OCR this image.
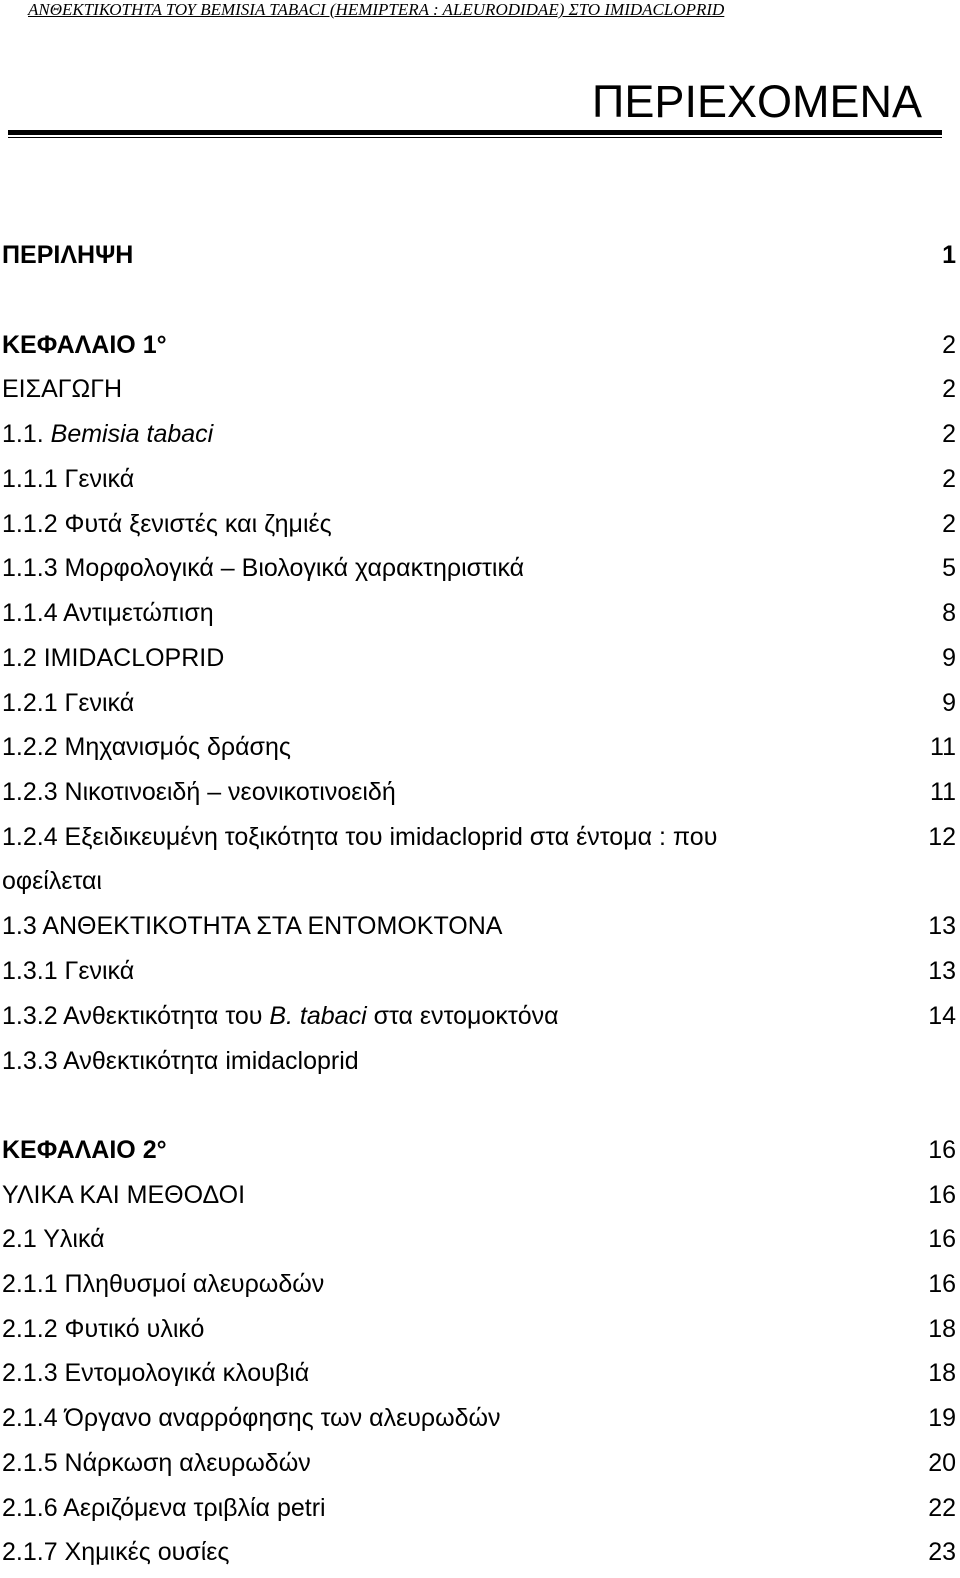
ΑΝΘΕΚΤΙΚΟΤΗΤΑ ΤΟΥ BEMISIA TABACI (HEMIPTERA : ALEURODIDAE) ΣΤΟ IMIDACLOPRID
ΠΕΡΙΕΧΟΜΕΝΑ
ΠΕΡΙΛΗΨΗ	1
ΚΕΦΑΛΑΙΟ 1°	2
ΕΙΣΑΓΩΓΗ	2
1.1. Bemisia tabaci	2
1.1.1 Γενικά	2
1.1.2 Φυτά ξενιστές και ζημιές	2
1.1.3 Μορφολογικά – Βιολογικά χαρακτηριστικά	5
1.1.4 Αντιμετώπιση	8
1.2 IMIDACLOPRID	9
1.2.1 Γενικά	9
1.2.2 Μηχανισμός δράσης	11
1.2.3 Νικοτινοειδή – νεονικοτινοειδή	11
1.2.4 Εξειδικευμένη τοξικότητα του imidacloprid στα έντομα : που	12
οφείλεται
1.3 ΑΝΘΕΚΤΙΚΟΤΗΤΑ ΣΤΑ ΕΝΤΟΜΟΚΤΟΝΑ	13
1.3.1 Γενικά	13
1.3.2 Ανθεκτικότητα του B. tabaci στα εντομοκτόνα	14
1.3.3 Ανθεκτικότητα imidacloprid
ΚΕΦΑΛΑΙΟ 2°	16
ΥΛΙΚΑ ΚΑΙ ΜΕΘΟΔΟΙ	16
2.1 Υλικά	16
2.1.1 Πληθυσμοί αλευρωδών	16
2.1.2 Φυτικό υλικό	18
2.1.3 Εντομολογικά κλουβιά	18
2.1.4 Όργανο αναρρόφησης των αλευρωδών	19
2.1.5 Νάρκωση αλευρωδών	20
2.1.6 Αεριζόμενα τριβλία petri	22
2.1.7 Χημικές ουσίες	23
